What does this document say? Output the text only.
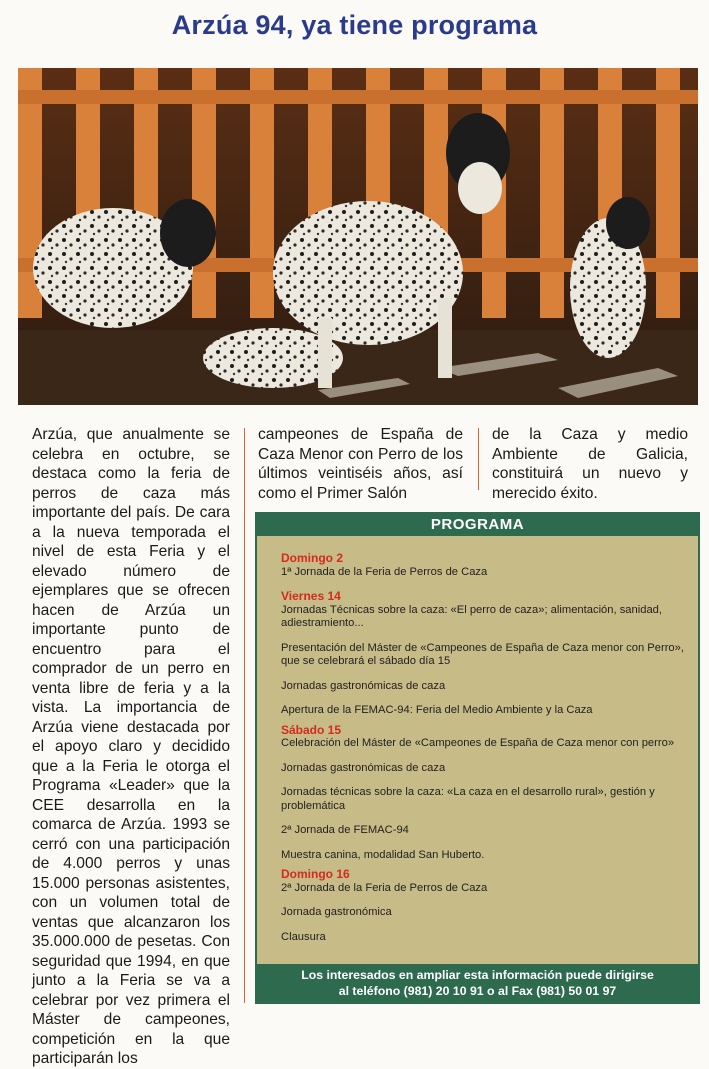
Arzúa 94, ya tiene programa

Arzúa, que anualmente se celebra en octubre, se destaca como la feria de perros de caza más importante del país. De cara a la nueva temporada el nivel de esta Feria y el elevado número de ejemplares que se ofrecen hacen de Arzúa un importante punto de encuentro para el comprador de un perro en venta libre de feria y a la vista. La importancia de Arzúa viene destacada por el apoyo claro y decidido que a la Feria le otorga el Programa «Leader» que la CEE desarrolla en la comarca de Arzúa. 1993 se cerró con una participación de 4.000 perros y unas 15.000 personas asistentes, con un volumen total de ventas que alcanzaron los 35.000.000 de pesetas. Con seguridad que 1994, en que junto a la Feria se va a celebrar por vez primera el Máster de campeones, competición en la que participarán los

campeones de España de Caza Menor con Perro de los últimos veintiséis años, así como el Primer Salón

de la Caza y medio Ambiente de Galicia, constituirá un nuevo y merecido éxito.

PROGRAMA
Domingo 2
1ª Jornada de la Feria de Perros de Caza
Viernes 14
Jornadas Técnicas sobre la caza: «El perro de caza»; alimentación, sanidad, adiestramiento...
Presentación del Máster de «Campeones de España de Caza menor con Perro», que se celebrará el sábado día 15
Jornadas gastronómicas de caza
Apertura de la FEMAC-94: Feria del Medio Ambiente y la Caza
Sábado 15
Celebración del Máster de «Campeones de España de Caza menor con perro»
Jornadas gastronómicas de caza
Jornadas técnicas sobre la caza: «La caza en el desarrollo rural», gestión y problemática
2ª Jornada de FEMAC-94
Muestra canina, modalidad San Huberto.
Domingo 16
2ª Jornada de la Feria de Perros de Caza
Jornada gastronómica
Clausura
Los interesados en ampliar esta información puede dirigirse
al teléfono (981) 20 10 91 o al Fax (981) 50 01 97
